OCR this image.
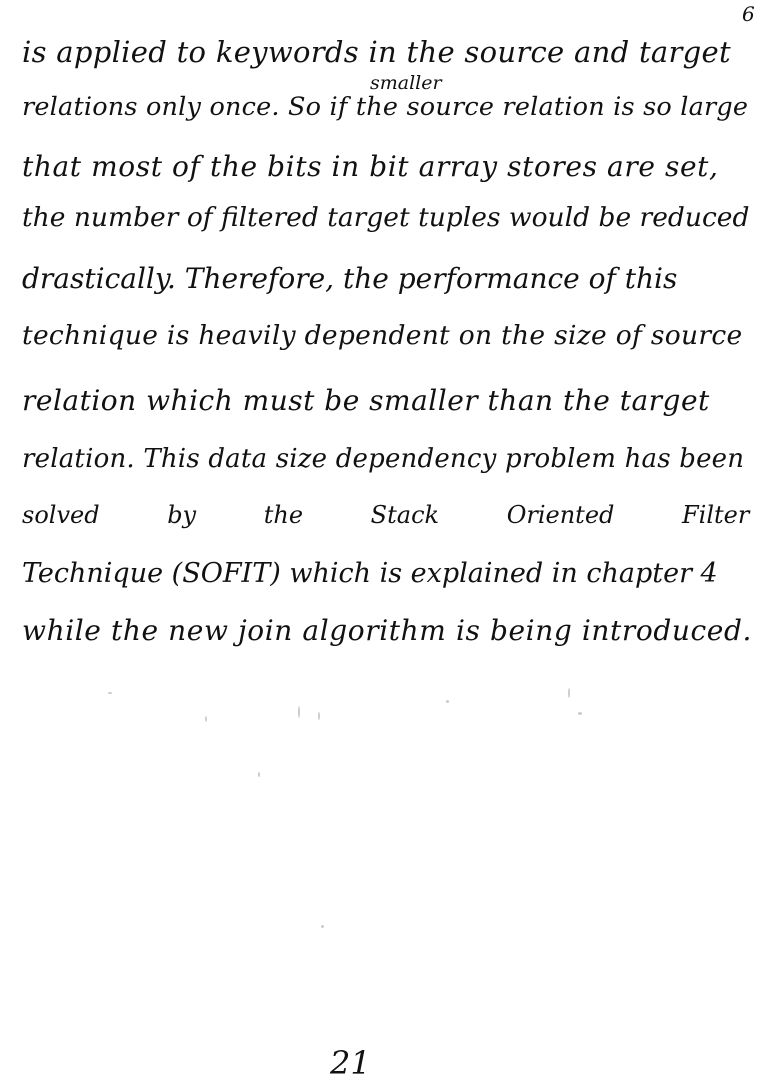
6
smaller
is applied to keywords in the source and target
relations only once. So if the source relation is so large
that most of the bits in bit array stores are set,
the number of filtered target tuples would be reduced
drastically. Therefore, the performance of this
technique is heavily dependent on the size of source
relation which must be smaller than the target
relation. This data size dependency problem has been
solved by the Stack Oriented Filter
Technique (SOFIT) which is explained in chapter 4
while the new join algorithm is being introduced.
21
